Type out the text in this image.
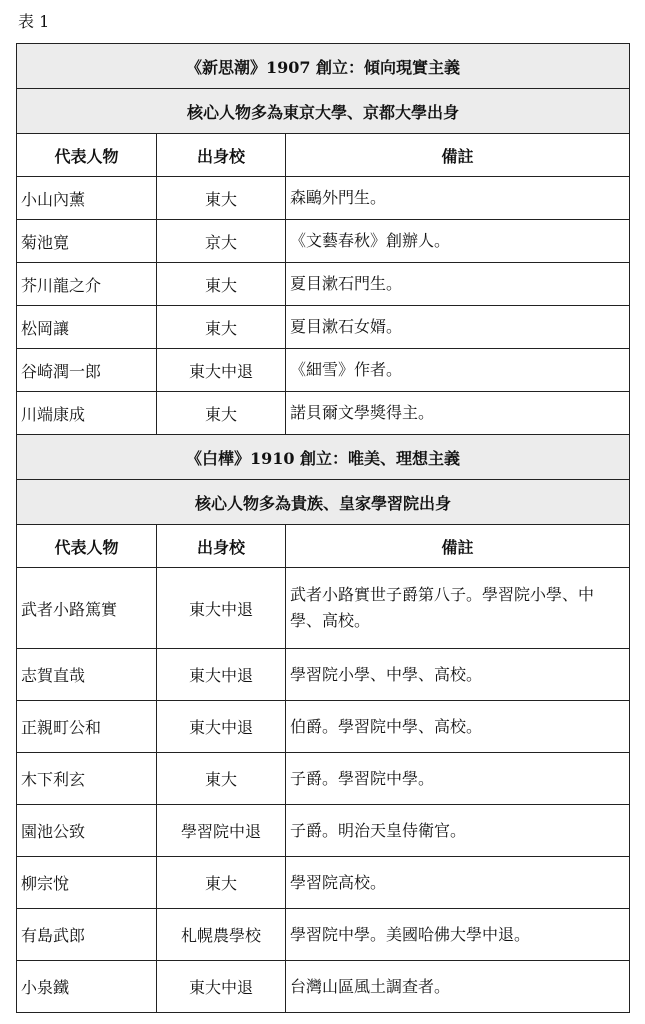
表 1
《新思潮》1907 創立：傾向現實主義		
核心人物多為東京大學、京都大學出身		
代表人物	出身校	備註
小山內薰	東大	森鷗外門生。
菊池寛	京大	《文藝春秋》創辦人。
芥川龍之介	東大	夏目漱石門生。
松岡讓	東大	夏目漱石女婿。
谷崎潤一郎	東大中退	《細雪》作者。
川端康成	東大	諾貝爾文學獎得主。
《白樺》1910 創立：唯美、理想主義		
核心人物多為貴族、皇家學習院出身		
代表人物	出身校	備註
武者小路篤實	東大中退	武者小路實世子爵第八子。學習院小學、中學、高校。
志賀直哉	東大中退	學習院小學、中學、高校。
正親町公和	東大中退	伯爵。學習院中學、高校。
木下利玄	東大	子爵。學習院中學。
園池公致	學習院中退	子爵。明治天皇侍衛官。
柳宗悅	東大	學習院高校。
有島武郎	札幌農學校	學習院中學。美國哈佛大學中退。
小泉鐵	東大中退	台灣山區風土調查者。
